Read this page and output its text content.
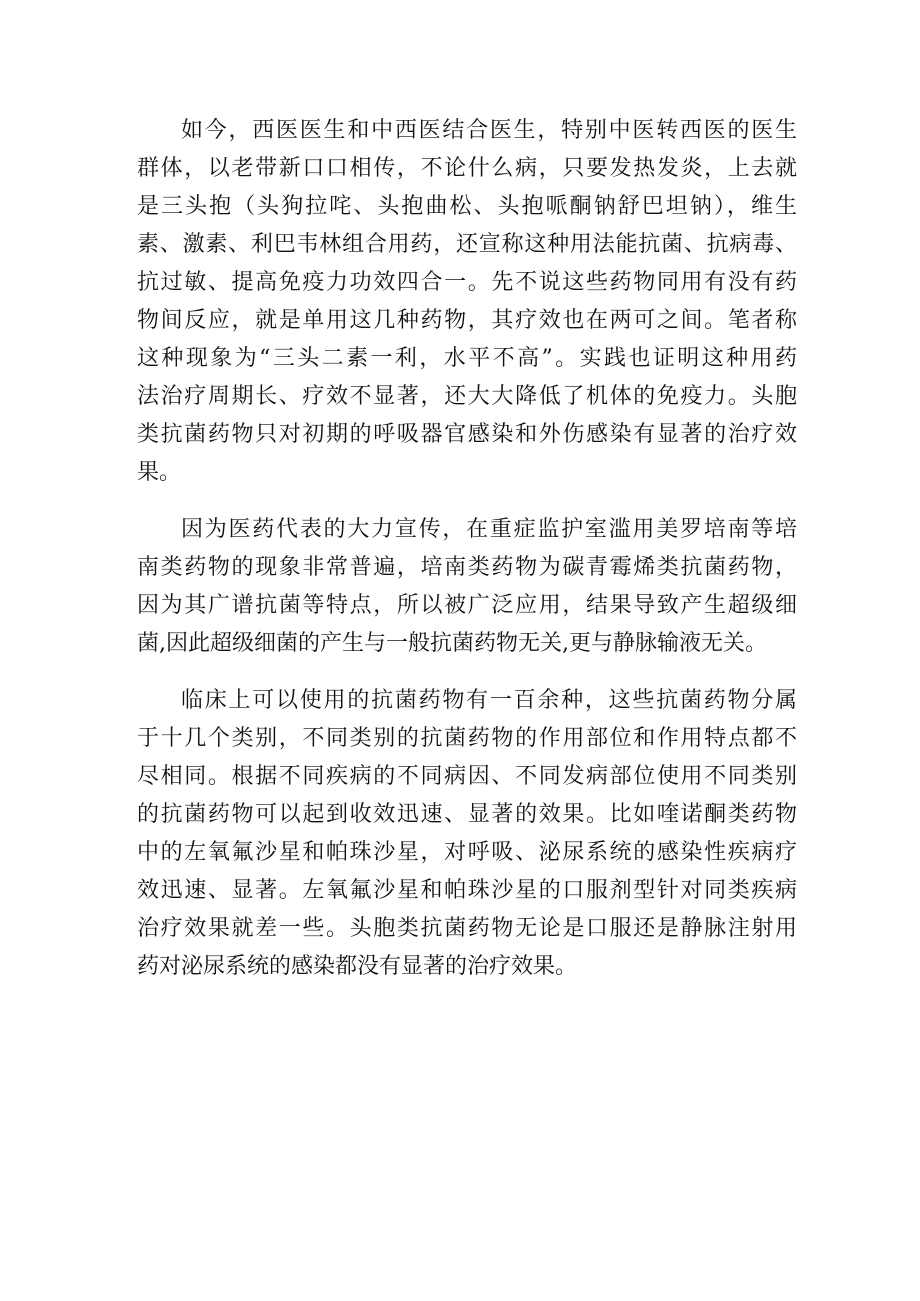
如今，西医医生和中西医结合医生，特别中医转西医的医生
群体，以老带新口口相传，不论什么病，只要发热发炎，上去就
是三头抱（头狗拉咤、头抱曲松、头抱哌酮钠舒巴坦钠），维生
素、激素、利巴韦林组合用药，还宣称这种用法能抗菌、抗病毒、
抗过敏、提高免疫力功效四合一。先不说这些药物同用有没有药
物间反应，就是单用这几种药物，其疗效也在两可之间。笔者称
这种现象为“三头二素一利，水平不高”。实践也证明这种用药
法治疗周期长、疗效不显著，还大大降低了机体的免疫力。头胞
类抗菌药物只对初期的呼吸器官感染和外伤感染有显著的治疗效
果。
因为医药代表的大力宣传，在重症监护室滥用美罗培南等培
南类药物的现象非常普遍，培南类药物为碳青霉烯类抗菌药物，
因为其广谱抗菌等特点，所以被广泛应用，结果导致产生超级细
菌,因此超级细菌的产生与一般抗菌药物无关,更与静脉输液无关。
临床上可以使用的抗菌药物有一百余种，这些抗菌药物分属
于十几个类别，不同类别的抗菌药物的作用部位和作用特点都不
尽相同。根据不同疾病的不同病因、不同发病部位使用不同类别
的抗菌药物可以起到收效迅速、显著的效果。比如喹诺酮类药物
中的左氧氟沙星和帕珠沙星，对呼吸、泌尿系统的感染性疾病疗
效迅速、显著。左氧氟沙星和帕珠沙星的口服剂型针对同类疾病
治疗效果就差一些。头胞类抗菌药物无论是口服还是静脉注射用
药对泌尿系统的感染都没有显著的治疗效果。
